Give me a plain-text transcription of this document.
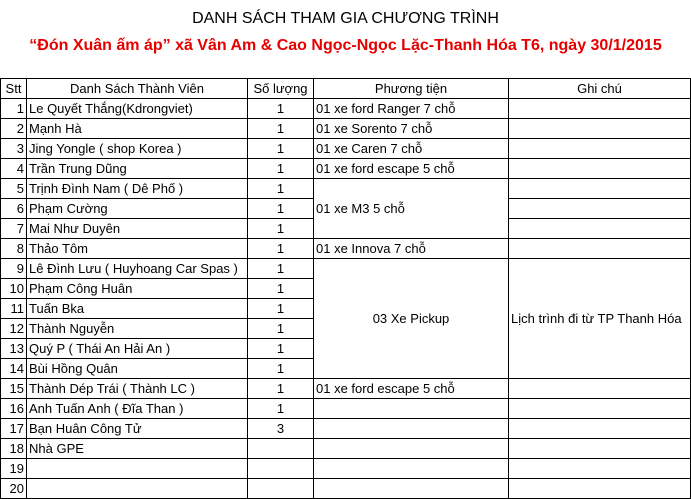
DANH SÁCH THAM GIA CHƯƠNG TRÌNH
“Đón Xuân ấm áp” xã Vân Am & Cao Ngọc-Ngọc Lặc-Thanh Hóa T6, ngày 30/1/2015
Stt	Danh Sách Thành Viên	Số lượng	Phương tiện	Ghi chú
1	Le Quyết Thắng(Kdrongviet)	1	01 xe ford Ranger 7 chỗ	
2	Mạnh Hà	1	01 xe Sorento 7 chỗ	
3	Jing Yongle ( shop Korea )	1	01 xe Caren 7 chỗ	
4	Trần Trung Dũng	1	01 xe ford escape 5 chỗ	
5	Trịnh Đình Nam ( Dê Phố )	1	01 xe M3 5 chỗ	
6	Phạm Cường	1		
7	Mai Như Duyên	1		
8	Thảo Tôm	1	01 xe Innova 7 chỗ	
9	Lê Đình Lưu ( Huyhoang Car Spas )	1	03 Xe Pickup	Lịch trình đi từ TP Thanh Hóa
10	Phạm Công Huân	1		
11	Tuấn Bka	1		
12	Thành Nguyễn	1		
13	Quý P ( Thái An Hải An )	1		
14	Bùi Hồng Quân	1		
15	Thành Dép Trái ( Thành LC )	1	01 xe ford escape 5 chỗ	
16	Anh Tuấn Anh ( Đĩa Than )	1		
17	Bạn Huân Công Tử	3		
18	Nhà GPE			
19				
20				
